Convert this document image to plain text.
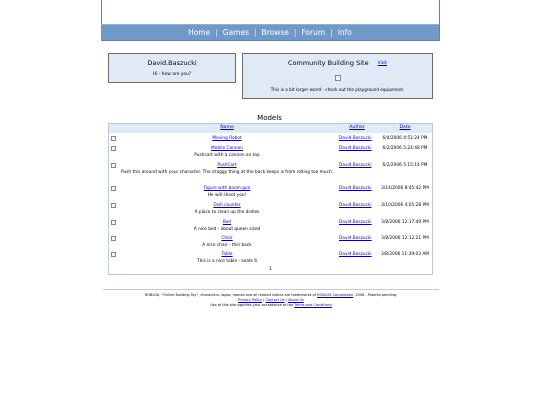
Home | Games | Browse | Forum | Info
David.Baszucki
Hi - how are you?
Community Building Site Visit
This is a bit larger world - check out the playground equipment.
Models
Name	Author	Date
Moving Robot	David.Baszucki	6/4/2006 4:51:24 PM
Mobile Cannon
Pushcart with a cannon on top
David.Baszucki	6/2/2006 5:24:48 PM
PushCart
Push this around with your character. The draggy thing at the back keeps is from rolling too much.
David.Baszucki	6/2/2006 5:15:14 PM
Figure with boom gun
He will shoot you!
David.Baszucki	3/14/2006 8:45:42 PM
Dish counter
A place to clean up the dishes
David.Baszucki	3/10/2006 4:05:28 PM
Bed
A nice bed - about queen sized
David.Baszucki	3/8/2006 12:17:49 PM
Chair
A nice chair - thin back
David.Baszucki	3/8/2006 12:12:21 PM
Table
This is a nice table - seats 6
David.Baszucki	3/8/2006 11:39:03 AM
1
ROBLOX, "Online Building Toy", characters, logos, names and all related indicia are trademarks of ROBLOX Corporation, 2006 . Patents pending.
Privacy Policy | Contact Us | About Us
Use of this site signifies your acceptance of the Terms and Conditions
